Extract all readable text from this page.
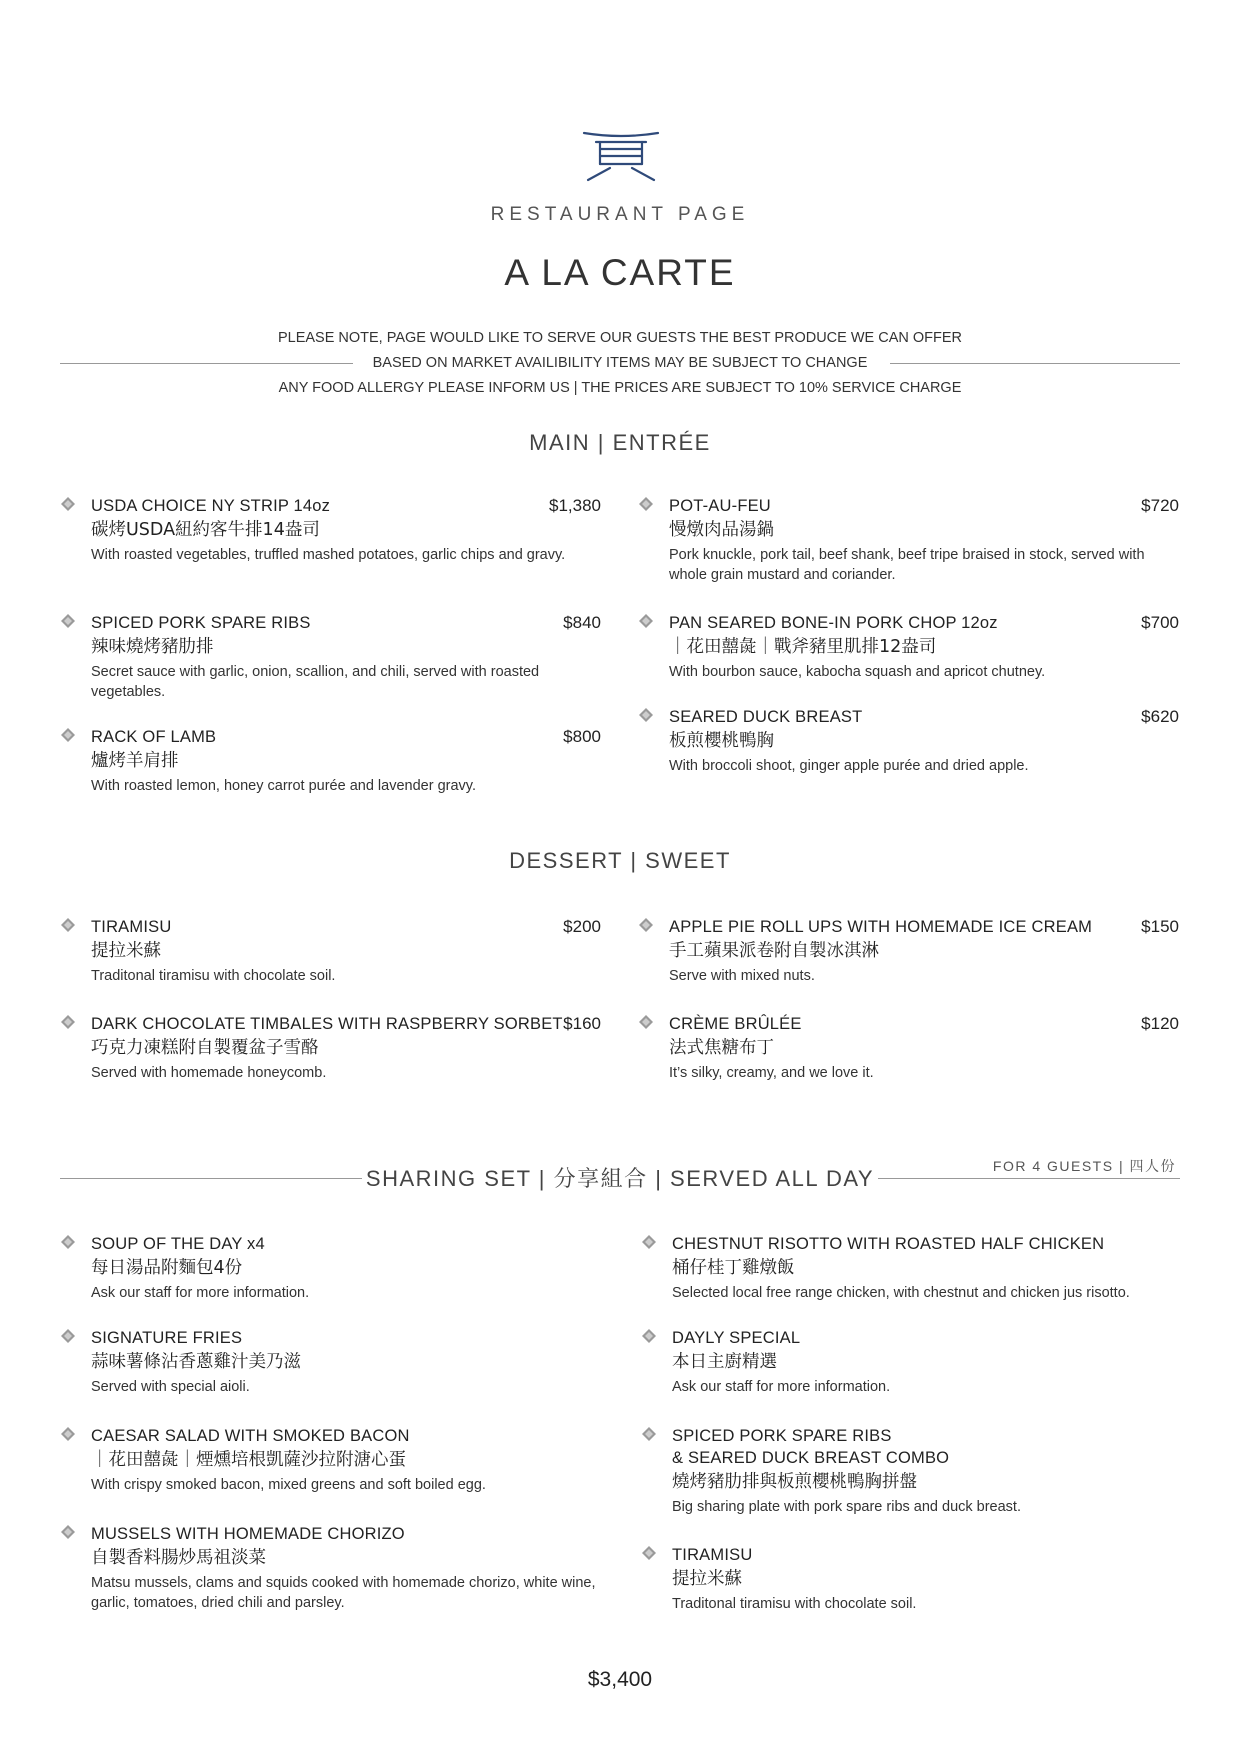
RESTAURANT PAGE
A LA CARTE
PLEASE NOTE, PAGE WOULD LIKE TO SERVE OUR GUESTS THE BEST PRODUCE WE CAN OFFER
BASED ON MARKET AVAILIBILITY ITEMS MAY BE SUBJECT TO CHANGE
ANY FOOD ALLERGY PLEASE INFORM US | THE PRICES ARE SUBJECT TO 10% SERVICE CHARGE
MAIN | ENTRÉE
$1,380
USDA CHOICE NY STRIP 14oz
碳烤USDA紐約客牛排14盎司
With roasted vegetables, truffled mashed potatoes, garlic chips and gravy.
$840
SPICED PORK SPARE RIBS
辣味燒烤豬肋排
Secret sauce with garlic, onion, scallion, and chili, served with roasted vegetables.
$800
RACK OF LAMB
爐烤羊肩排
With roasted lemon, honey carrot purée and lavender gravy.
$720
POT-AU-FEU
慢燉肉品湯鍋
Pork knuckle, pork tail, beef shank, beef tripe braised in stock, served with whole grain mustard and coriander.
$700
PAN SEARED BONE-IN PORK CHOP 12oz
｜花田囍彘｜戰斧豬里肌排12盎司
With bourbon sauce, kabocha squash and apricot chutney.
$620
SEARED DUCK BREAST
板煎櫻桃鴨胸
With broccoli shoot, ginger apple purée and dried apple.
DESSERT | SWEET
$200
TIRAMISU
提拉米蘇
Traditonal tiramisu with chocolate soil.
$160
DARK CHOCOLATE TIMBALES WITH RASPBERRY SORBET
巧克力凍糕附自製覆盆子雪酪
Served with homemade honeycomb.
$150
APPLE PIE ROLL UPS WITH HOMEMADE ICE CREAM
手工蘋果派卷附自製冰淇淋
Serve with mixed nuts.
$120
CRÈME BRÛLÉE
法式焦糖布丁
It’s silky, creamy, and we love it.
FOR 4 GUESTS | 四人份
SHARING SET | 分享組合 | SERVED ALL DAY
SOUP OF THE DAY x4
每日湯品附麵包4份
Ask our staff for more information.
SIGNATURE FRIES
蒜味薯條沾香蔥雞汁美乃滋
Served with special aioli.
CAESAR SALAD WITH SMOKED BACON
｜花田囍彘｜煙燻培根凱薩沙拉附溏心蛋
With crispy smoked bacon, mixed greens and soft boiled egg.
MUSSELS WITH HOMEMADE CHORIZO
自製香料腸炒馬祖淡菜
Matsu mussels, clams and squids cooked with homemade chorizo, white wine, garlic, tomatoes, dried chili and parsley.
CHESTNUT RISOTTO WITH ROASTED HALF CHICKEN
桶仔桂丁雞燉飯
Selected local free range chicken, with chestnut and chicken jus risotto.
DAYLY SPECIAL
本日主廚精選
Ask our staff for more information.
SPICED PORK SPARE RIBS
& SEARED DUCK BREAST COMBO
燒烤豬肋排與板煎櫻桃鴨胸拼盤
Big sharing plate with pork spare ribs and duck breast.
TIRAMISU
提拉米蘇
Traditonal tiramisu with chocolate soil.
$3,400
